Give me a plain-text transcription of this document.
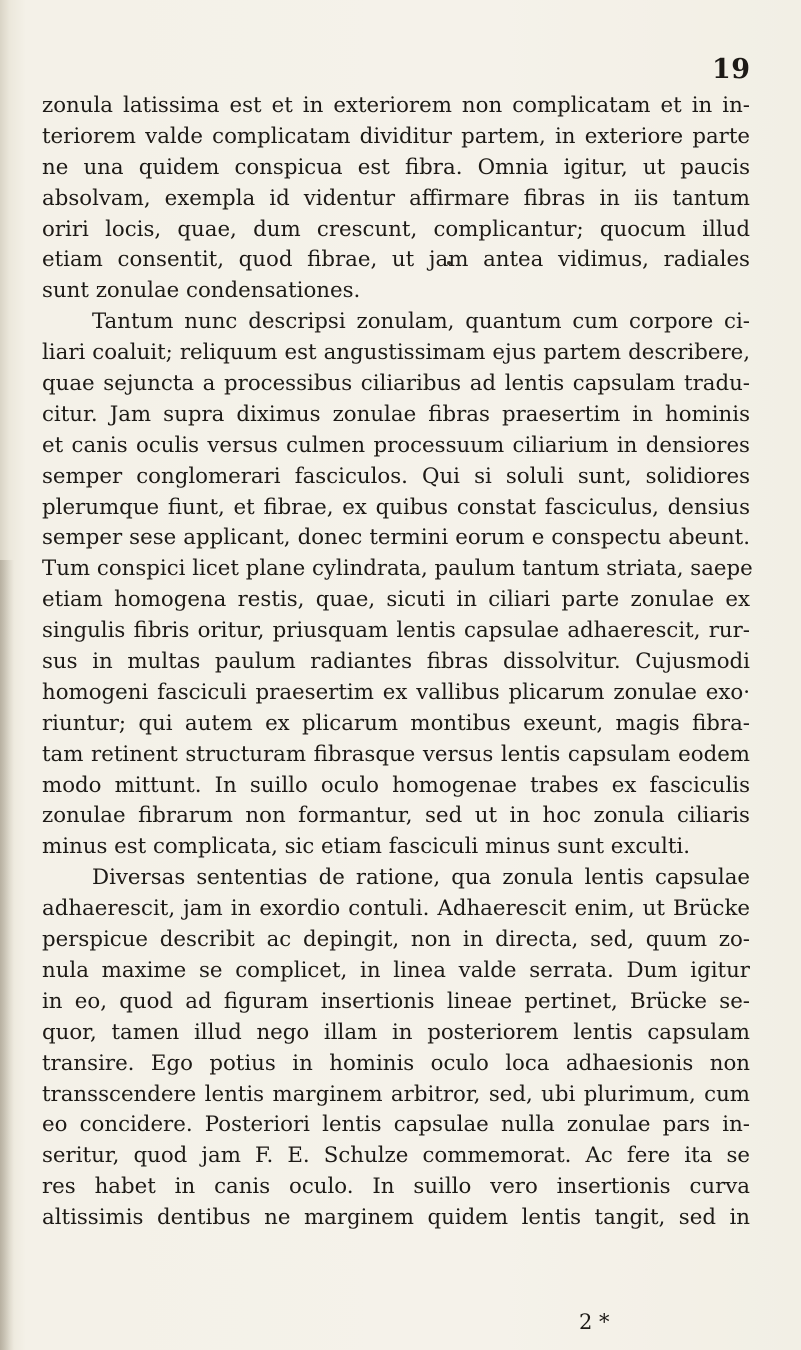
19
zonula latissima est et in exteriorem non complicatam et in in-
teriorem valde complicatam dividitur partem, in exteriore parte
ne una quidem conspicua est fibra. Omnia igitur, ut paucis
absolvam, exempla id videntur affirmare fibras in iis tantum
oriri locis, quae, dum crescunt, complicantur; quocum illud
etiam consentit, quod fibrae, ut jam antea vidimus, radiales
sunt zonulae condensationes.
Tantum nunc descripsi zonulam, quantum cum corpore ci-
liari coaluit; reliquum est angustissimam ejus partem describere,
quae sejuncta a processibus ciliaribus ad lentis capsulam tradu-
citur. Jam supra diximus zonulae fibras praesertim in hominis
et canis oculis versus culmen processuum ciliarium in densiores
semper conglomerari fasciculos. Qui si soluli sunt, solidiores
plerumque fiunt, et fibrae, ex quibus constat fasciculus, densius
semper sese applicant, donec termini eorum e conspectu abeunt.
Tum conspici licet plane cylindrata, paulum tantum striata, saepe
etiam homogena restis, quae, sicuti in ciliari parte zonulae ex
singulis fibris oritur, priusquam lentis capsulae adhaerescit, rur-
sus in multas paulum radiantes fibras dissolvitur. Cujusmodi
homogeni fasciculi praesertim ex vallibus plicarum zonulae exo·
riuntur; qui autem ex plicarum montibus exeunt, magis fibra-
tam retinent structuram fibrasque versus lentis capsulam eodem
modo mittunt. In suillo oculo homogenae trabes ex fasciculis
zonulae fibrarum non formantur, sed ut in hoc zonula ciliaris
minus est complicata, sic etiam fasciculi minus sunt exculti.
Diversas sententias de ratione, qua zonula lentis capsulae
adhaerescit, jam in exordio contuli. Adhaerescit enim, ut Brücke
perspicue describit ac depingit, non in directa, sed, quum zo-
nula maxime se complicet, in linea valde serrata. Dum igitur
in eo, quod ad figuram insertionis lineae pertinet, Brücke se-
quor, tamen illud nego illam in posteriorem lentis capsulam
transire. Ego potius in hominis oculo loca adhaesionis non
transscendere lentis marginem arbitror, sed, ubi plurimum, cum
eo concidere. Posteriori lentis capsulae nulla zonulae pars in-
seritur, quod jam F. E. Schulze commemorat. Ac fere ita se
res habet in canis oculo. In suillo vero insertionis curva
altissimis dentibus ne marginem quidem lentis tangit, sed in
2 *
